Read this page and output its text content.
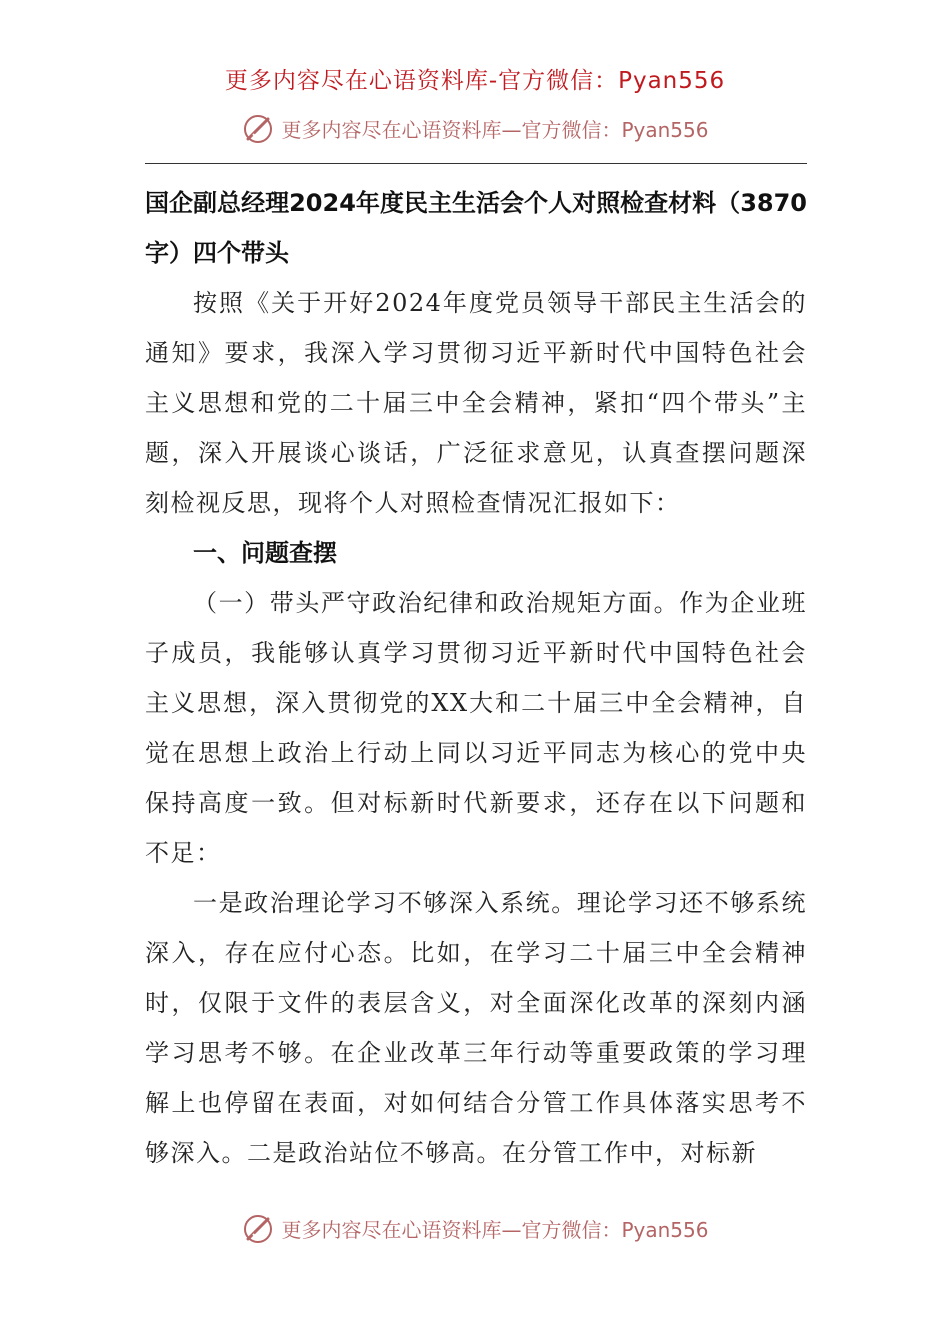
更多内容尽在心语资料库-官方微信：Pyan556
更多内容尽在心语资料库—官方微信：Pyan556

国企副总经理2024年度民主生活会个人对照检查材料（3870字）四个带头

按照《关于开好2024年度党员领导干部民主生活会的通知》要求，我深入学习贯彻习近平新时代中国特色社会主义思想和党的二十届三中全会精神，紧扣“四个带头”主题，深入开展谈心谈话，广泛征求意见，认真查摆问题深刻检视反思，现将个人对照检查情况汇报如下：

一、问题查摆

（一）带头严守政治纪律和政治规矩方面。作为企业班子成员，我能够认真学习贯彻习近平新时代中国特色社会主义思想，深入贯彻党的XX大和二十届三中全会精神，自觉在思想上政治上行动上同以习近平同志为核心的党中央保持高度一致。但对标新时代新要求，还存在以下问题和不足：

一是政治理论学习不够深入系统。理论学习还不够系统深入，存在应付心态。比如，在学习二十届三中全会精神时，仅限于文件的表层含义，对全面深化改革的深刻内涵学习思考不够。在企业改革三年行动等重要政策的学习理解上也停留在表面，对如何结合分管工作具体落实思考不够深入。二是政治站位不够高。在分管工作中，对标新

更多内容尽在心语资料库—官方微信：Pyan556
